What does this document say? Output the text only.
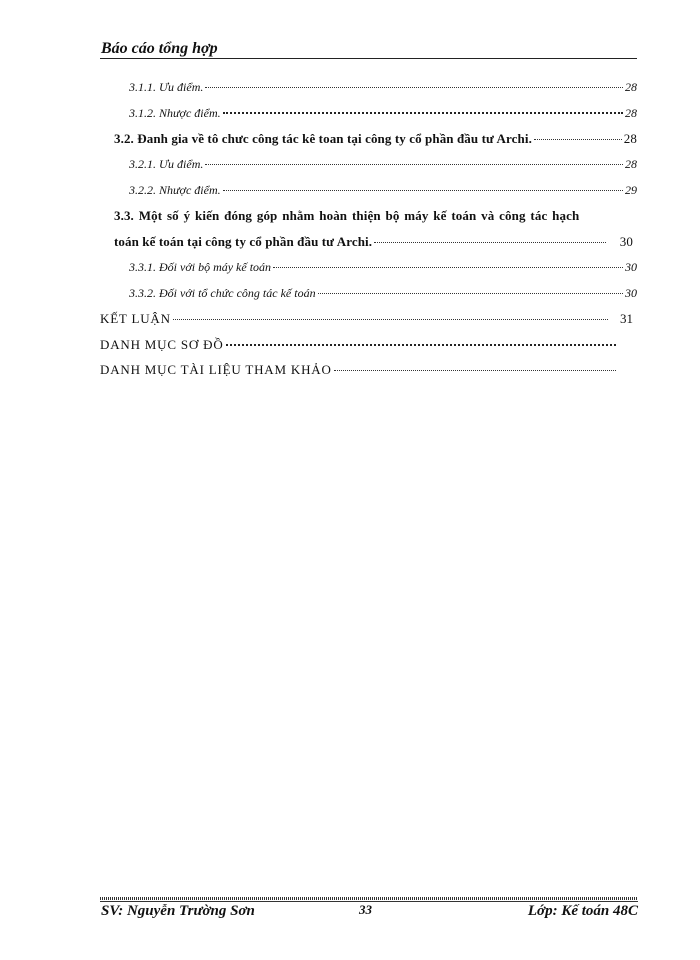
Báo cáo tổng hợp
3.1.1. Ưu điểm.	28
3.1.2. Nhược điểm.	28
3.2. Đanh gia về tô chưc công tác kê toan tại công ty cổ phần đầu tư Archi.	28
3.2.1. Ưu điểm.	28
3.2.2. Nhược điểm.	29
3.3. Một số ý kiến đóng góp nhằm hoàn thiện bộ máy kế toán và công tác hạch
toán kế toán tại công ty cổ phần đầu tư Archi.	30
3.3.1. Đối với bộ máy kế toán	30
3.3.2. Đối với tổ chức công tác kế toán	30
KẾT LUẬN	31
DANH MỤC SƠ ĐỒ
DANH MỤC TÀI LIỆU THAM KHẢO
SV: Nguyễn Trường Sơn	33	Lớp: Kế toán 48C
